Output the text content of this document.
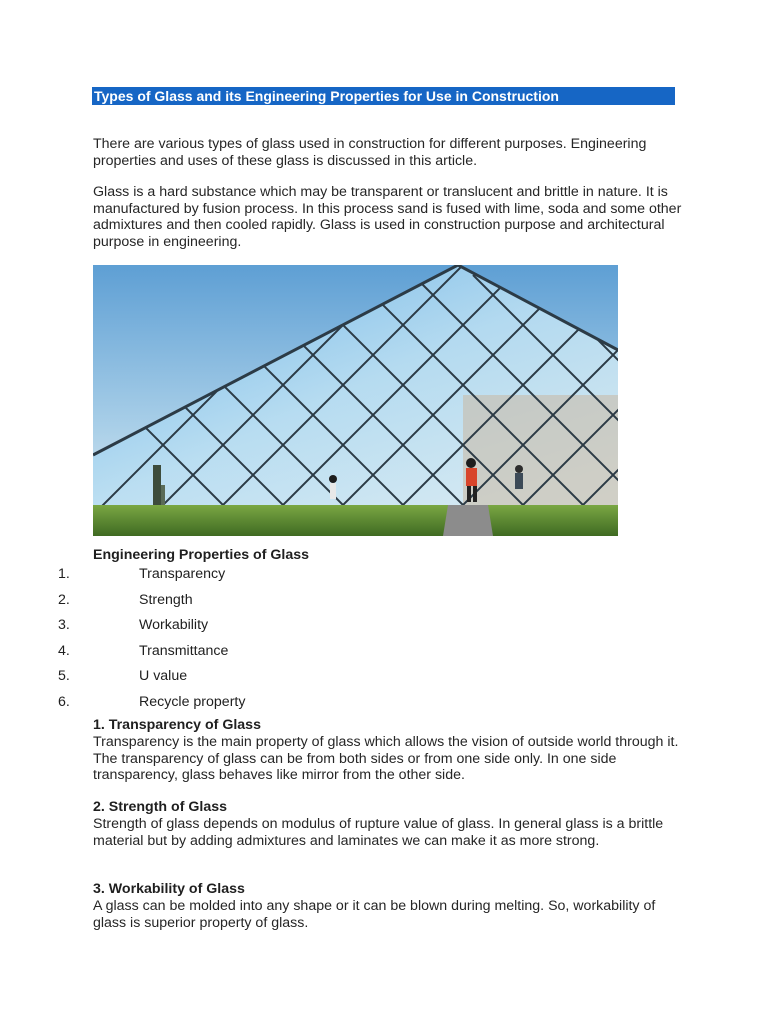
Types of Glass and its Engineering Properties for Use in Construction

There are various types of glass used in construction for different purposes. Engineering properties and uses of these glass is discussed in this article.

Glass is a hard substance which may be transparent or translucent and brittle in nature. It is manufactured by fusion process. In this process sand is fused with lime, soda and some other admixtures and then cooled rapidly. Glass is used in construction purpose and architectural purpose in engineering.

Engineering Properties of Glass
1.	Transparency
2.	Strength
3.	Workability
4.	Transmittance
5.	U value
6.	Recycle property
1. Transparency of Glass

Transparency is the main property of glass which allows the vision of outside world through it. The transparency of glass can be from both sides or from one side only. In one side transparency, glass behaves like mirror from the other side.

2. Strength of Glass

Strength of glass depends on modulus of rupture value of glass. In general glass is a brittle material but by adding admixtures and laminates we can make it as more strong.

3. Workability of Glass

A glass can be molded into any shape or it can be blown during melting. So, workability of glass is superior property of glass.
